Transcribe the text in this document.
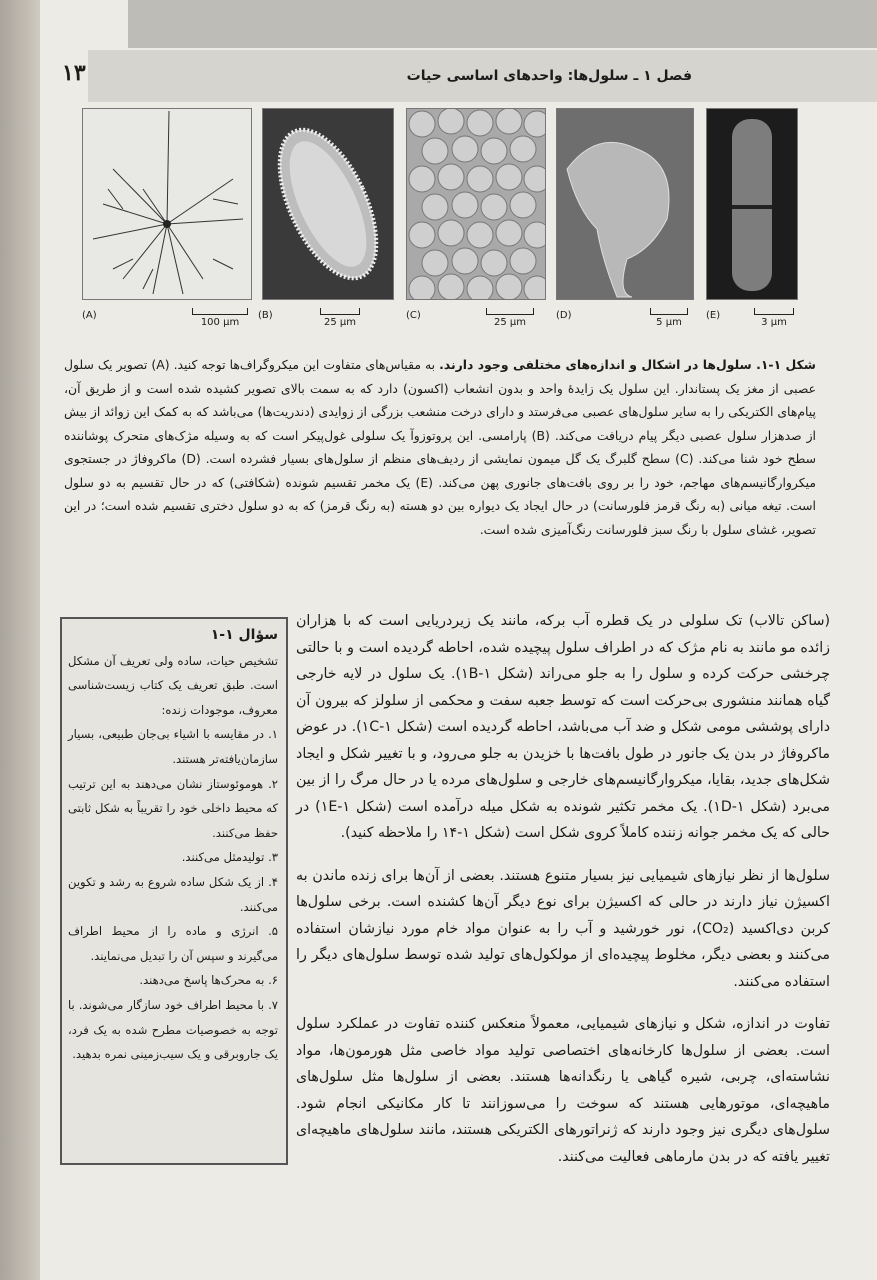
۱۳	فصل ۱ ـ سلول‌ها: واحدهای اساسی حیات
(A)	(B)	(C)	(D)	(E)
100 µm	25 µm	25 µm	5 µm	3 µm
شکل ۱-۱. سلول‌ها در اشکال و اندازه‌های مختلفی وجود دارند. به مقیاس‌های متفاوت این میکروگراف‌ها توجه کنید. (A) تصویر یک سلول عصبی از مغز یک پستاندار. این سلول یک زایدهٔ واحد و بدون انشعاب (اکسون) دارد که به سمت بالای تصویر کشیده شده است و از طریق آن، پیام‌های الکتریکی را به سایر سلول‌های عصبی می‌فرستد و دارای درخت منشعب بزرگی از زوایدی (دندریت‌ها) می‌باشد که به کمک این زوائد از بیش از صدهزار سلول عصبی دیگر پیام دریافت می‌کند. (B) پارامسی. این پروتوزوآ یک سلولی غول‌پیکر است که به وسیله مژک‌های متحرک پوشاننده سطح خود شنا می‌کند. (C) سطح گلبرگ یک گل میمون نمایشی از ردیف‌های منظم از سلول‌های بسیار فشرده است. (D) ماکروفاژ در جستجوی میکروارگانیسم‌های مهاجم، خود را بر روی بافت‌های جانوری پهن می‌کند. (E) یک مخمر تقسیم شونده (شکافتی) که در حال تقسیم به دو سلول است. تیغه میانی (به رنگ قرمز فلورسانت) در حال ایجاد یک دیواره بین دو هسته (به رنگ قرمز) که به دو سلول دختری تقسیم شده است؛ در این تصویر، غشای سلول با رنگ سبز فلورسانت رنگ‌آمیزی شده است.
سؤال ۱-۱

تشخیص حیات، ساده ولی تعریف آن مشکل است. طبق تعریف یک کتاب زیست‌شناسی معروف، موجودات زنده:

۱. در مقایسه با اشیاء بی‌جان طبیعی، بسیار سازمان‌یافته‌تر هستند.

۲. هوموئوستاز نشان می‌دهند به این ترتیب که محیط داخلی خود را تقریباً به شکل ثابتی حفظ می‌کنند.

۳. تولیدمثل می‌کنند.

۴. از یک شکل ساده شروع به رشد و تکوین می‌کنند.

۵. انرژی و ماده را از محیط اطراف می‌گیرند و سپس آن را تبدیل می‌نمایند.

۶. به محرک‌ها پاسخ می‌دهند.

۷. با محیط اطراف خود سازگار می‌شوند. با توجه به خصوصیات مطرح شده به یک فرد، یک جاروبرقی و یک سیب‌زمینی نمره بدهید.

(ساکن تالاب) تک سلولی در یک قطره آب برکه، مانند یک زیردریایی است که با هزاران زائده مو مانند به نام مژک که در اطراف سلول پیچیده شده، احاطه گردیده است و با حالتی چرخشی حرکت کرده و سلول را به جلو می‌راند (شکل ۱B-۱). یک سلول در لایه خارجی گیاه همانند منشوری بی‌حرکت است که توسط جعبه سفت و محکمی از سلولز که بیرون آن دارای پوششی مومی شکل و ضد آب می‌باشد، احاطه گردیده است (شکل ۱C-۱). در عوض ماکروفاژ در بدن یک جانور در طول بافت‌ها با خزیدن به جلو می‌رود، و با تغییر شکل و ایجاد شکل‌های جدید، بقایا، میکروارگانیسم‌های خارجی و سلول‌های مرده یا در حال مرگ را از بین می‌برد (شکل ۱D-۱). یک مخمر تکثیر شونده به شکل میله درآمده است (شکل ۱E-۱) در حالی که یک مخمر جوانه زننده کاملاً کروی شکل است (شکل ۱-۱۴ را ملاحظه کنید).

سلول‌ها از نظر نیازهای شیمیایی نیز بسیار متنوع هستند. بعضی از آن‌ها برای زنده ماندن به اکسیژن نیاز دارند در حالی که اکسیژن برای نوع دیگر آن‌ها کشنده است. برخی سلول‌ها کربن دی‌اکسید (CO₂)، نور خورشید و آب را به عنوان مواد خام مورد نیازشان استفاده می‌کنند و بعضی دیگر، مخلوط پیچیده‌ای از مولکول‌های تولید شده توسط سلول‌های دیگر را استفاده می‌کنند.

تفاوت در اندازه، شکل و نیازهای شیمیایی، معمولاً منعکس کننده تفاوت در عملکرد سلول است. بعضی از سلول‌ها کارخانه‌های اختصاصی تولید مواد خاصی مثل هورمون‌ها، مواد نشاسته‌ای، چربی، شیره گیاهی یا رنگدانه‌ها هستند. بعضی از سلول‌ها مثل سلول‌های ماهیچه‌ای، موتورهایی هستند که سوخت را می‌سوزانند تا کار مکانیکی انجام شود. سلول‌های دیگری نیز وجود دارند که ژنراتورهای الکتریکی هستند، مانند سلول‌های ماهیچه‌ای تغییر یافته که در بدن مارماهی فعالیت می‌کنند.
